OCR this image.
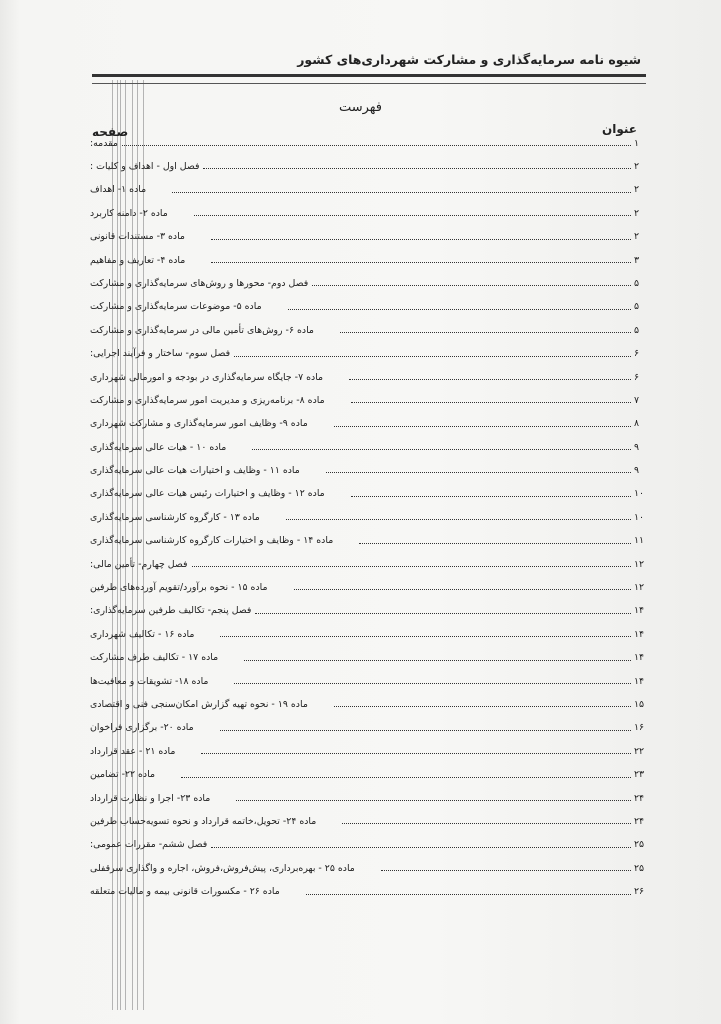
شیوه نامه سرمایه‌گذاری و مشارکت شهرداری‌های کشور
فهرست
عنوان
صفحه
مقدمه:	۱
فصل اول - اهداف و کلیات :	۲
ماده ۱- اهداف	۲
ماده ۲- دامنه کاربرد	۲
ماده ۳- مستندات قانونی	۲
ماده ۴- تعاریف و مفاهیم	۳
فصل دوم- محورها و روش‌های سرمایه‌گذاری و مشارکت	۵
ماده ۵- موضوعات سرمایه‌گذاری و مشارکت	۵
ماده ۶- روش‌های تأمین مالی در سرمایه‌گذاری و مشارکت	۵
فصل سوم- ساختار و فرآیند اجرایی:	۶
ماده ۷- جایگاه سرمایه‌گذاری در بودجه و امورمالی شهرداری	۶
ماده ۸- برنامه‌ریزی و مدیریت امور سرمایه‌گذاری و مشارکت	۷
ماده ۹- وظایف امور سرمایه‌گذاری و مشارکت شهرداری	۸
ماده ۱۰ - هیات عالی سرمایه‌گذاری	۹
ماده ۱۱ - وظایف و اختیارات هیات عالی سرمایه‌گذاری	۹
ماده ۱۲ - وظایف و اختیارات رئیس هیات عالی سرمایه‌گذاری	۱۰
ماده ۱۳ - کارگروه کارشناسی سرمایه‌گذاری	۱۰
ماده ۱۴ - وظایف و اختیارات کارگروه کارشناسی سرمایه‌گذاری	۱۱
فصل چهارم- تأمین مالی:	۱۲
ماده ۱۵ - نحوه برآورد/تقویم آورده‌های طرفین	۱۲
فصل پنجم- تکالیف طرفین سرمایه‌گذاری:	۱۴
ماده ۱۶ - تکالیف شهرداری	۱۴
ماده ۱۷ - تکالیف طرف مشارکت	۱۴
ماده ۱۸- تشویقات و معافیت‌ها	۱۴
ماده ۱۹ - نحوه تهیه گزارش امکان‌سنجی فنی و اقتصادی	۱۵
ماده ۲۰- برگزاری فراخوان	۱۶
ماده ۲۱ - عقد قرارداد	۲۲
ماده ۲۲- تضامین	۲۳
ماده ۲۳- اجرا و نظارت قرارداد	۲۴
ماده ۲۴- تحویل،خاتمه قرارداد و نحوه تسویه‌حساب طرفین	۲۴
فصل ششم- مقررات عمومی:	۲۵
ماده ۲۵ - بهره‌برداری، پیش‌فروش،فروش، اجاره و واگذاری سرقفلی	۲۵
ماده ۲۶ - مکسورات قانونی بیمه و مالیات متعلقه	۲۶
